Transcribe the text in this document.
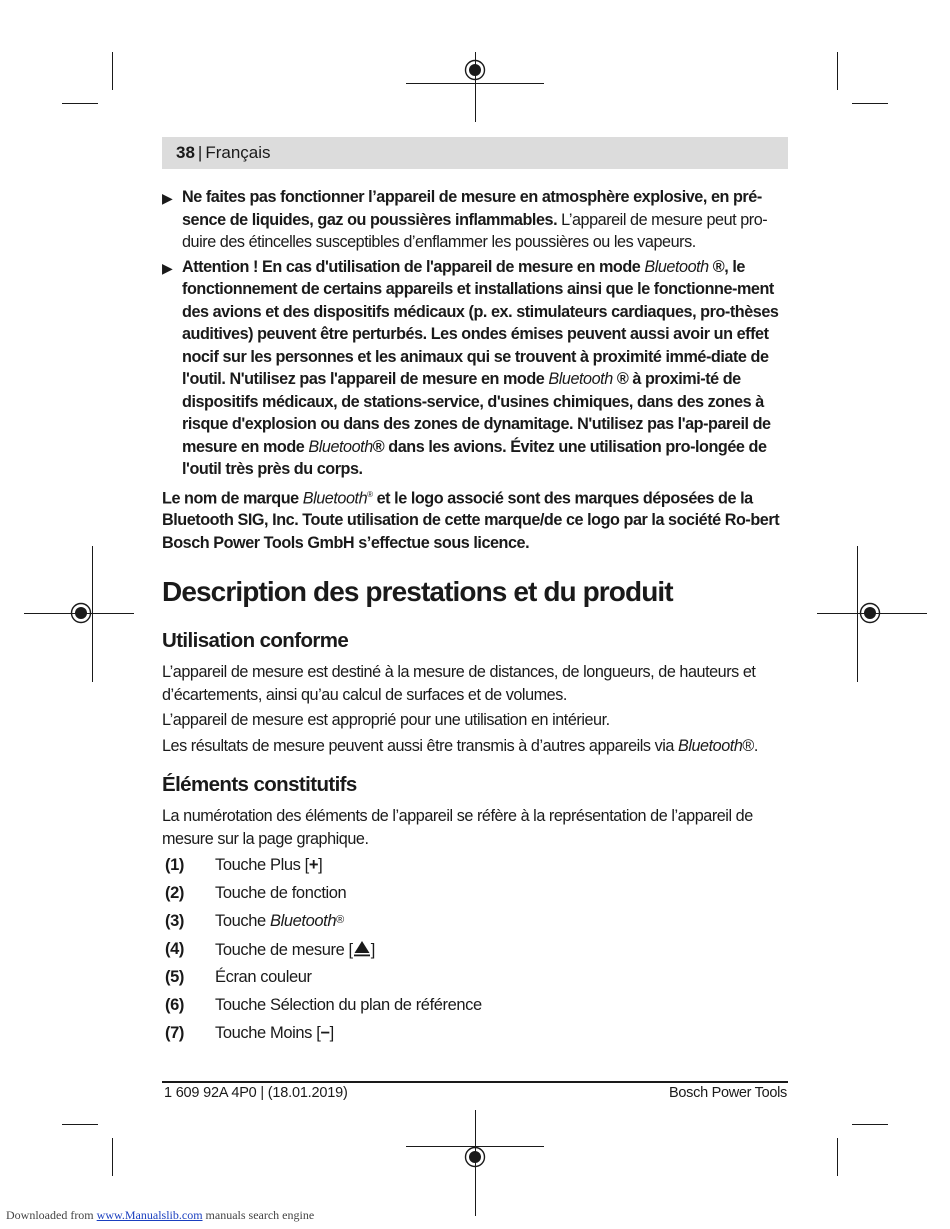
38 | Français
▶ Ne faites pas fonctionner l’appareil de mesure en atmosphère explosive, en pré-sence de liquides, gaz ou poussières inflammables. L’appareil de mesure peut pro-duire des étincelles susceptibles d’enflammer les poussières ou les vapeurs.
▶ Attention ! En cas d'utilisation de l'appareil de mesure en mode Bluetooth ®, le fonctionnement de certains appareils et installations ainsi que le fonctionne-ment des avions et des dispositifs médicaux (p. ex. stimulateurs cardiaques, pro-thèses auditives) peuvent être perturbés. Les ondes émises peuvent aussi avoir un effet nocif sur les personnes et les animaux qui se trouvent à proximité immé-diate de l'outil. N'utilisez pas l'appareil de mesure en mode Bluetooth ® à proximi-té de dispositifs médicaux, de stations-service, d'usines chimiques, dans des zones à risque d'explosion ou dans des zones de dynamitage. N'utilisez pas l'ap-pareil de mesure en mode Bluetooth® dans les avions. Évitez une utilisation pro-longée de l'outil très près du corps.

Le nom de marque Bluetooth® et le logo associé sont des marques déposées de la Bluetooth SIG, Inc. Toute utilisation de cette marque/de ce logo par la société Ro-bert Bosch Power Tools GmbH s’effectue sous licence.

Description des prestations et du produit
Utilisation conforme

L’appareil de mesure est destiné à la mesure de distances, de longueurs, de hauteurs et d’écartements, ainsi qu’au calcul de surfaces et de volumes.

L’appareil de mesure est approprié pour une utilisation en intérieur.

Les résultats de mesure peuvent aussi être transmis à d’autres appareils via Bluetooth®.

Éléments constitutifs
La numérotation des éléments de l’appareil se réfère à la représentation de l’appareil de mesure sur la page graphique.
(1) Touche Plus [+]
(2) Touche de fonction
(3) Touche Bluetooth®
(4) Touche de mesure [ ]
(5) Écran couleur
(6) Touche Sélection du plan de référence
(7) Touche Moins [−]
1 609 92A 4P0 | (18.01.2019)	Bosch Power Tools
Downloaded from www.Manualslib.com manuals search engine
